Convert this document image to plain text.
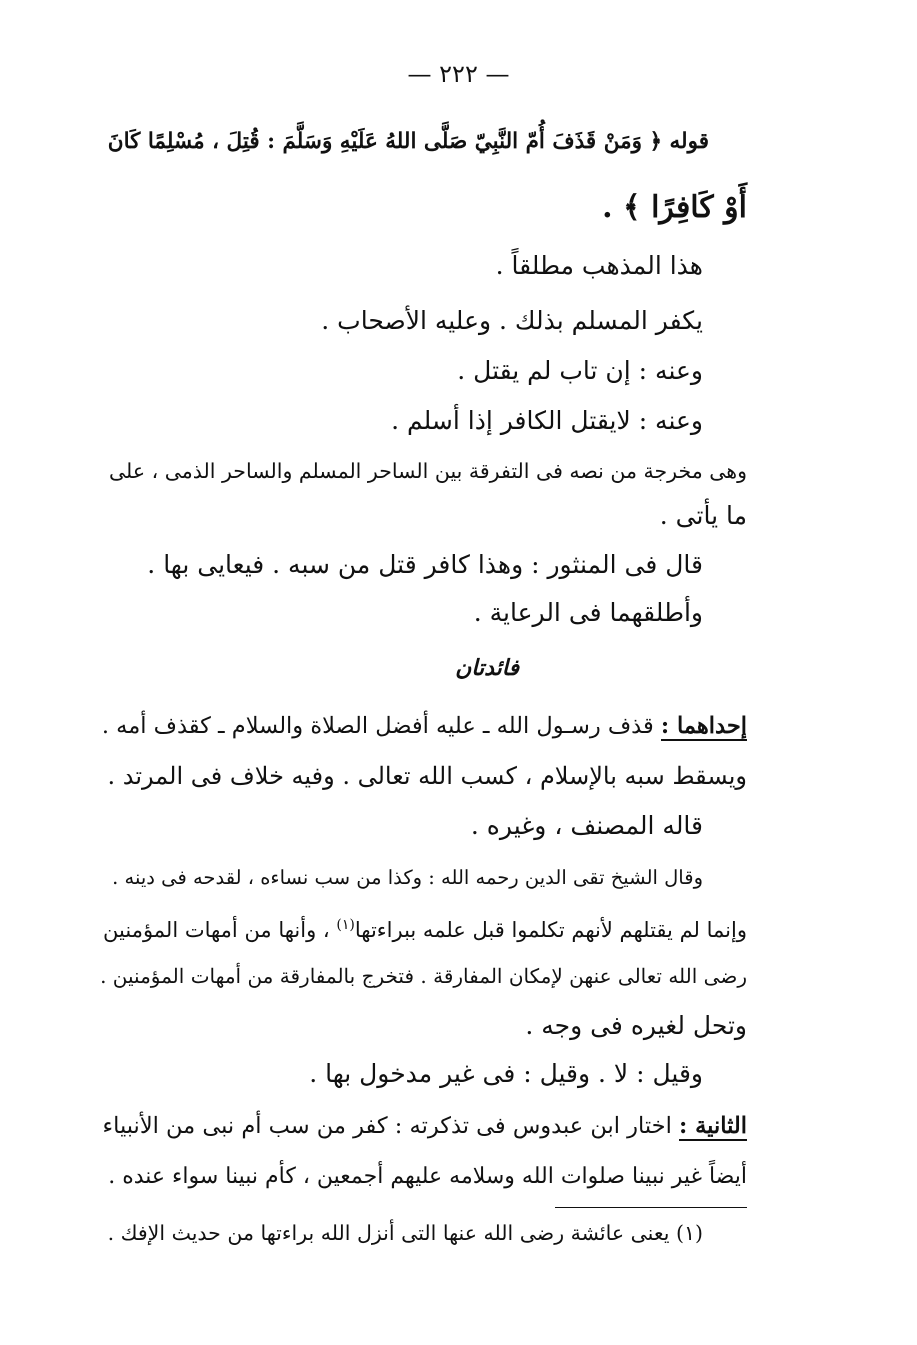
— ٢٢٢ —
قوله ﴿ وَمَنْ قَذَفَ أُمّ النَّبِيّ صَلَّى اللهُ عَلَيْهِ وَسَلَّمَ : قُتِلَ ، مُسْلِمًا كَانَ
أَوْ كَافِرًا ﴾ .
هذا المذهب مطلقاً .
يكفر المسلم بذلك . وعليه الأصحاب .
وعنه : إن تاب لم يقتل .
وعنه : لايقتل الكافر إذا أسلم .
وهى مخرجة من نصه فى التفرقة بين الساحر المسلم والساحر الذمى ، على
ما يأتى .
قال فى المنثور : وهذا كافر قتل من سبه . فيعايى بها .
وأطلقهما فى الرعاية .
فائدتان
إحداهما : قذف رسـول الله ـ عليه أفضل الصلاة والسلام ـ كقذف أمه .
ويسقط سبه بالإسلام ، كسب الله تعالى . وفيه خلاف فى المرتد .
قاله المصنف ، وغيره .
وقال الشيخ تقى الدين رحمه الله : وكذا من سب نساءه ، لقدحه فى دينه .
وإنما لم يقتلهم لأنهم تكلموا قبل علمه ببراءتها$^{(١)}$ ، وأنها من أمهات المؤمنين
رضى الله تعالى عنهن لإمكان المفارقة . فتخرج بالمفارقة من أمهات المؤمنين .
وتحل لغيره فى وجه .
وقيل : لا . وقيل : فى غير مدخول بها .
الثانية : اختار ابن عبدوس فى تذكرته : كفر من سب أم نبى من الأنبياء
أيضاً غير نبينا صلوات الله وسلامه عليهم أجمعين ، كأم نبينا سواء عنده .
(١) يعنى عائشة رضى الله عنها التى أنزل الله براءتها من حديث الإفك .
